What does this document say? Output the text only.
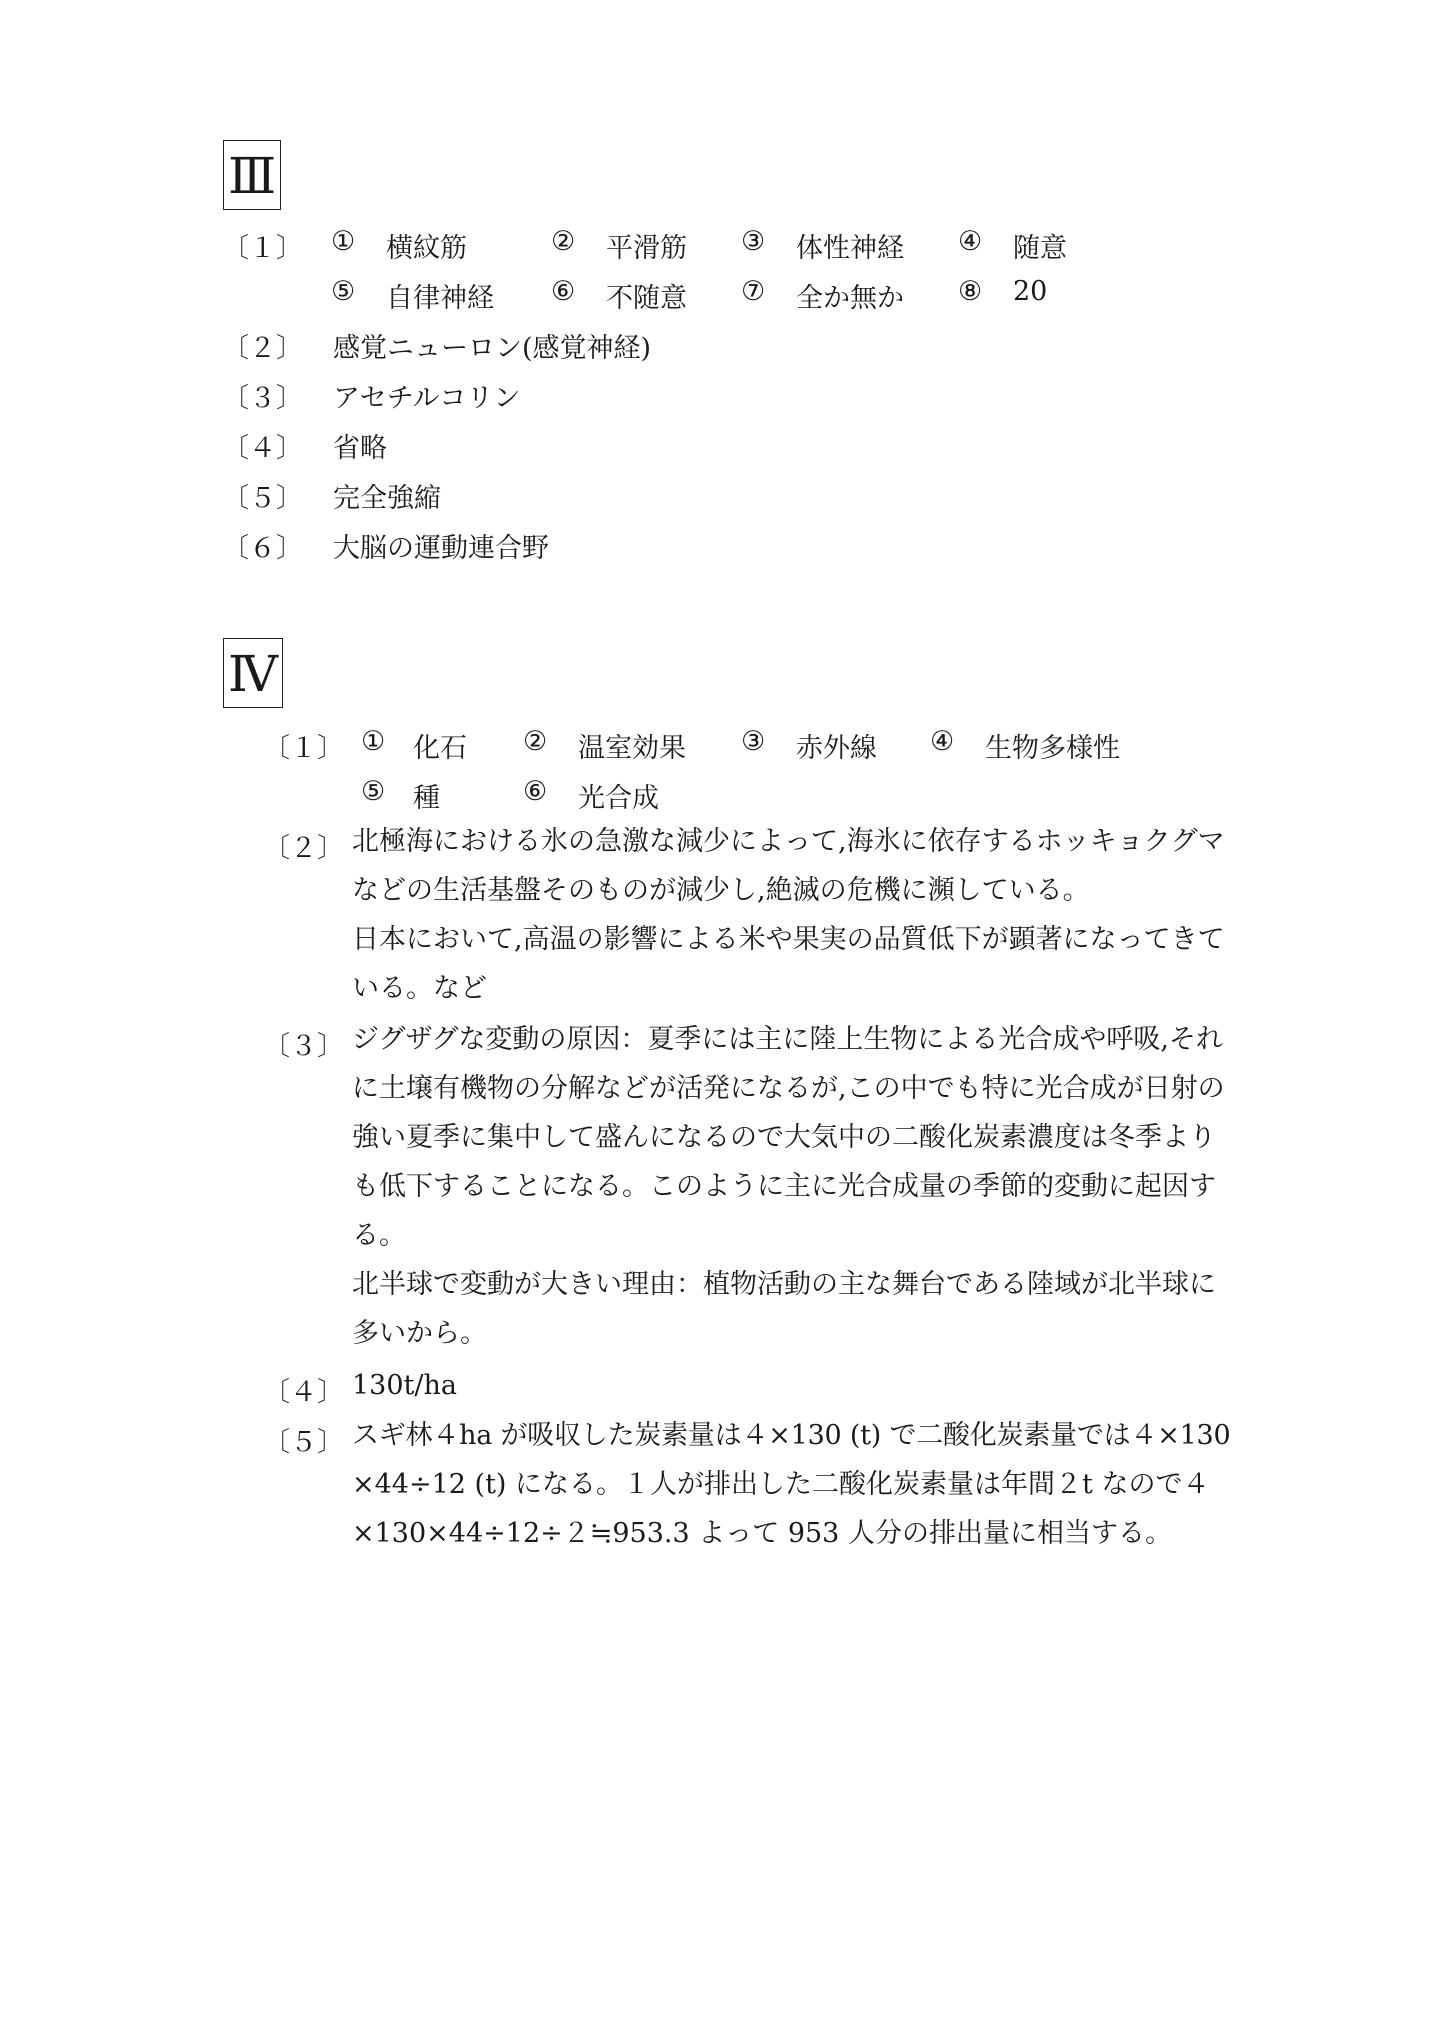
Ⅲ
〔１〕 ① 横紋筋	② 平滑筋 ③ 体性神経 ④ 随意
⑤ 自律神経 ⑥ 不随意 ⑦ 全か無か ⑧ 20
〔２〕 感覚ニューロン(感覚神経)
〔３〕 アセチルコリン
〔４〕 省略
〔５〕 完全強縮
〔６〕 大脳の運動連合野
Ⅳ
〔１〕 ① 化石 ② 温室効果 ③ 赤外線 ④ 生物多様性
⑤ 種	⑥ 光合成
〔２〕 北極海における氷の急激な減少によって,海氷に依存するホッキョクグマ
などの生活基盤そのものが減少し,絶滅の危機に瀕している。
日本において,高温の影響による米や果実の品質低下が顕著になってきて
いる。など
〔３〕 ジグザグな変動の原因：夏季には主に陸上生物による光合成や呼吸,それ
に土壌有機物の分解などが活発になるが,この中でも特に光合成が日射の
強い夏季に集中して盛んになるので大気中の二酸化炭素濃度は冬季より
も低下することになる。このように主に光合成量の季節的変動に起因す
る。
北半球で変動が大きい理由：植物活動の主な舞台である陸域が北半球に
多いから。
〔４〕 130t/ha
〔５〕 スギ林４ha が吸収した炭素量は４×130 (t) で二酸化炭素量では４×130
×44÷12 (t) になる。１人が排出した二酸化炭素量は年間２t なので４
×130×44÷12÷２≒953.3 よって 953 人分の排出量に相当する。
